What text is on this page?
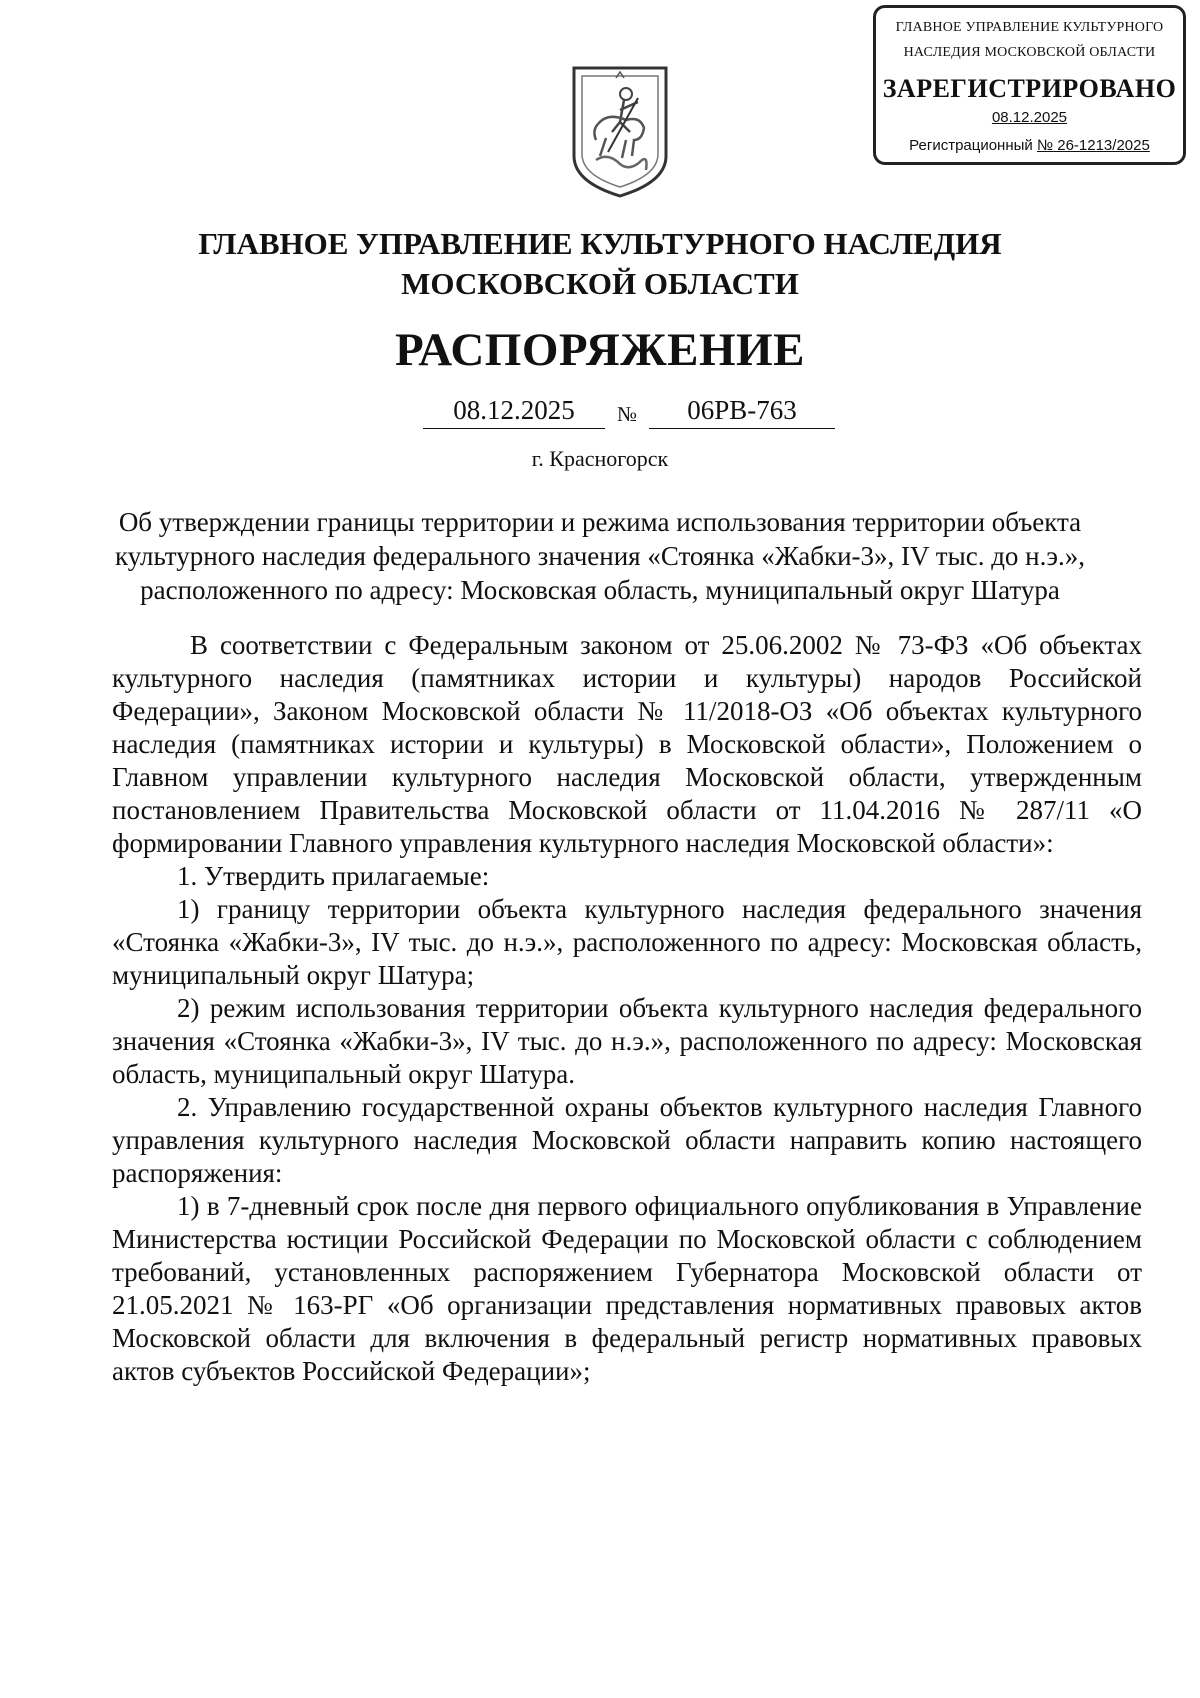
ГЛАВНОЕ УПРАВЛЕНИЕ КУЛЬТУРНОГО
НАСЛЕДИЯ МОСКОВСКОЙ ОБЛАСТИ
ЗАРЕГИСТРИРОВАНО
08.12.2025
Регистрационный № 26-1213/2025
ГЛАВНОЕ УПРАВЛЕНИЕ КУЛЬТУРНОГО НАСЛЕДИЯ
МОСКОВСКОЙ ОБЛАСТИ
РАСПОРЯЖЕНИЕ
08.12.2025	№	06РВ-763
г. Красногорск
Об утверждении границы территории и режима использования территории объекта культурного наследия федерального значения «Стоянка «Жабки-3», IV тыс. до н.э.», расположенного по адресу: Московская область, муниципальный округ Шатура

В соответствии с Федеральным законом от 25.06.2002 № 73-ФЗ «Об объектах культурного наследия (памятниках истории и культуры) народов Российской Федерации», Законом Московской области № 11/2018-ОЗ «Об объектах культурного наследия (памятниках истории и культуры) в Московской области», Положением о Главном управлении культурного наследия Московской области, утвержденным постановлением Правительства Московской области от 11.04.2016 № 287/11 «О формировании Главного управления культурного наследия Московской области»:

1. Утвердить прилагаемые:

1) границу территории объекта культурного наследия федерального значения «Стоянка «Жабки-3», IV тыс. до н.э.», расположенного по адресу: Московская область, муниципальный округ Шатура;

2) режим использования территории объекта культурного наследия федерального значения «Стоянка «Жабки-3», IV тыс. до н.э.», расположенного по адресу: Московская область, муниципальный округ Шатура.

2. Управлению государственной охраны объектов культурного наследия Главного управления культурного наследия Московской области направить копию настоящего распоряжения:

1) в 7-дневный срок после дня первого официального опубликования в Управление Министерства юстиции Российской Федерации по Московской области с соблюдением требований, установленных распоряжением Губернатора Московской области от 21.05.2021 № 163-РГ «Об организации представления нормативных правовых актов Московской области для включения в федеральный регистр нормативных правовых актов субъектов Российской Федерации»;
